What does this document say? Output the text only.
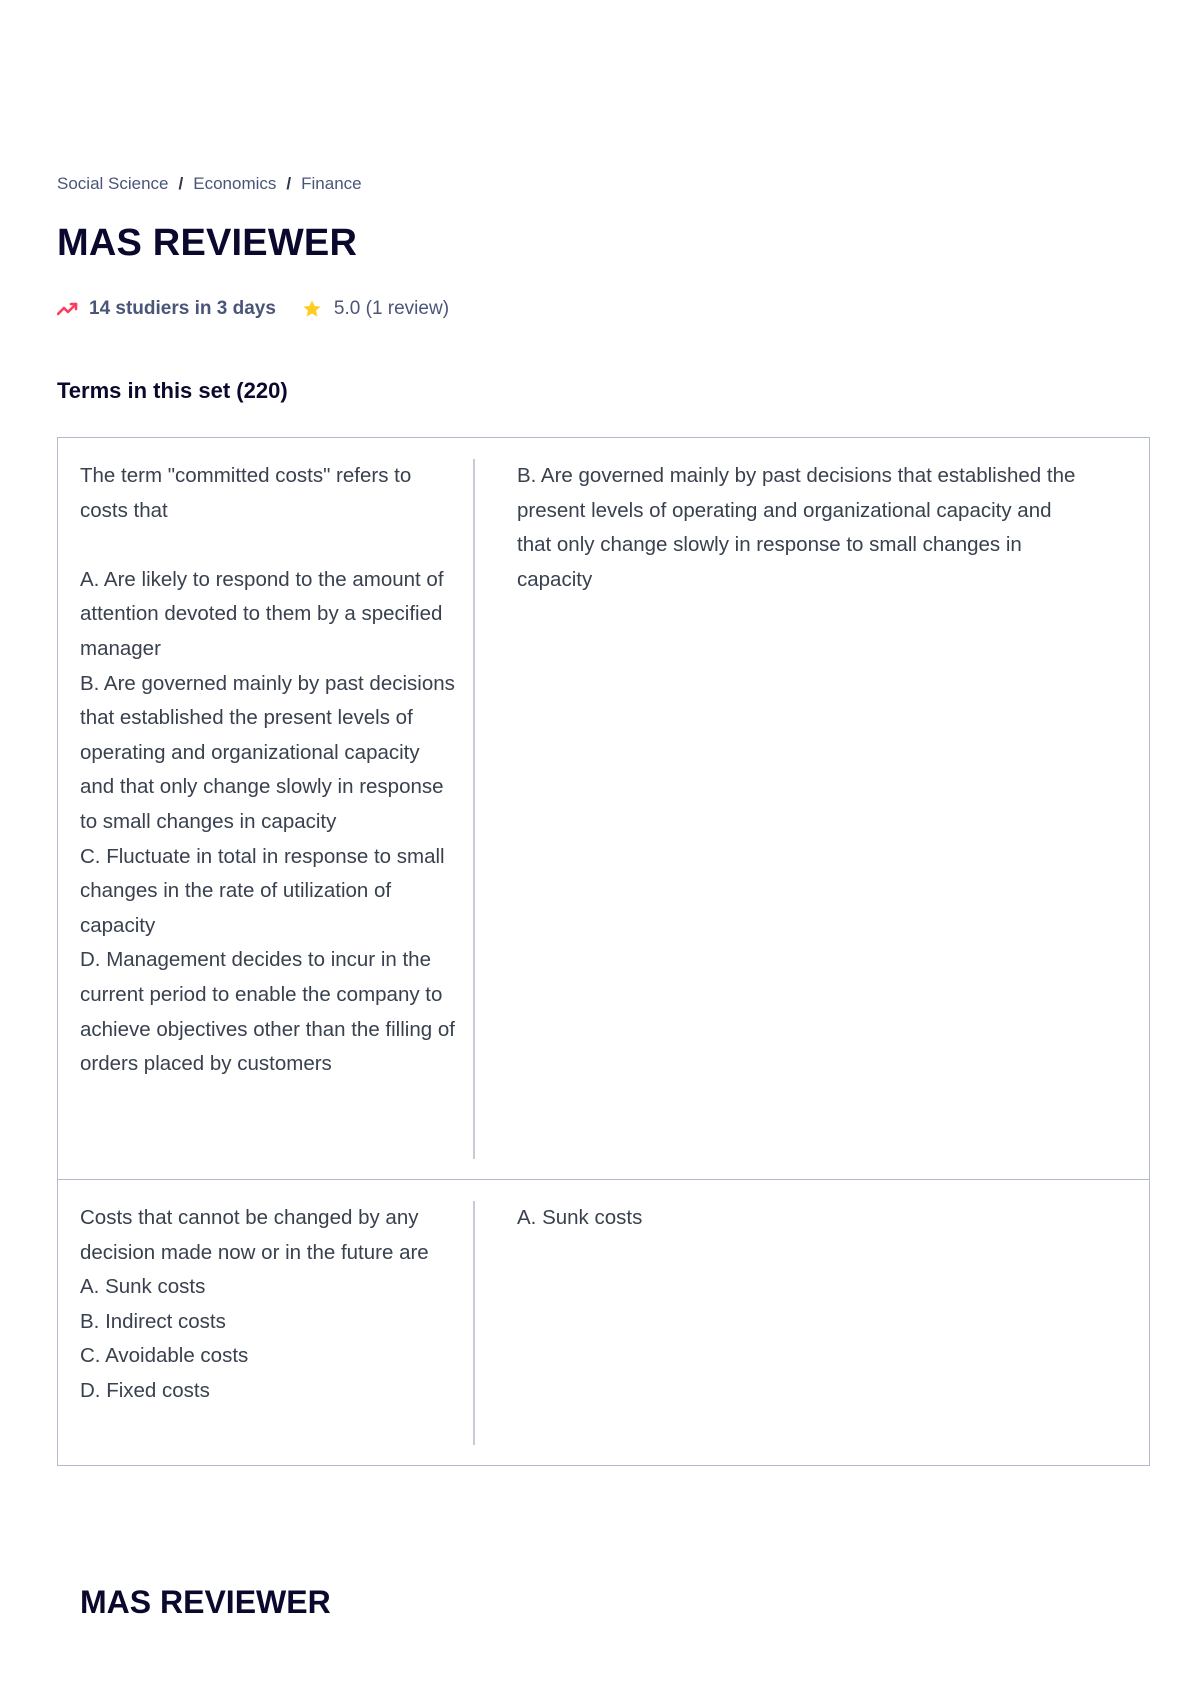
Social Science / Economics / Finance
MAS REVIEWER
14 studiers in 3 days	5.0 (1 review)
Terms in this set (220)
The term "committed costs" refers to costs that

A. Are likely to respond to the amount of attention devoted to them by a specified manager
B. Are governed mainly by past decisions that established the present levels of operating and organizational capacity and that only change slowly in response to small changes in capacity
C. Fluctuate in total in response to small changes in the rate of utilization of capacity
D. Management decides to incur in the current period to enable the company to achieve objectives other than the filling of orders placed by customers
B. Are governed mainly by past decisions that established the present levels of operating and organizational capacity and that only change slowly in response to small changes in capacity
Costs that cannot be changed by any decision made now or in the future are
A. Sunk costs
B. Indirect costs
C. Avoidable costs
D. Fixed costs
A. Sunk costs
MAS REVIEWER
